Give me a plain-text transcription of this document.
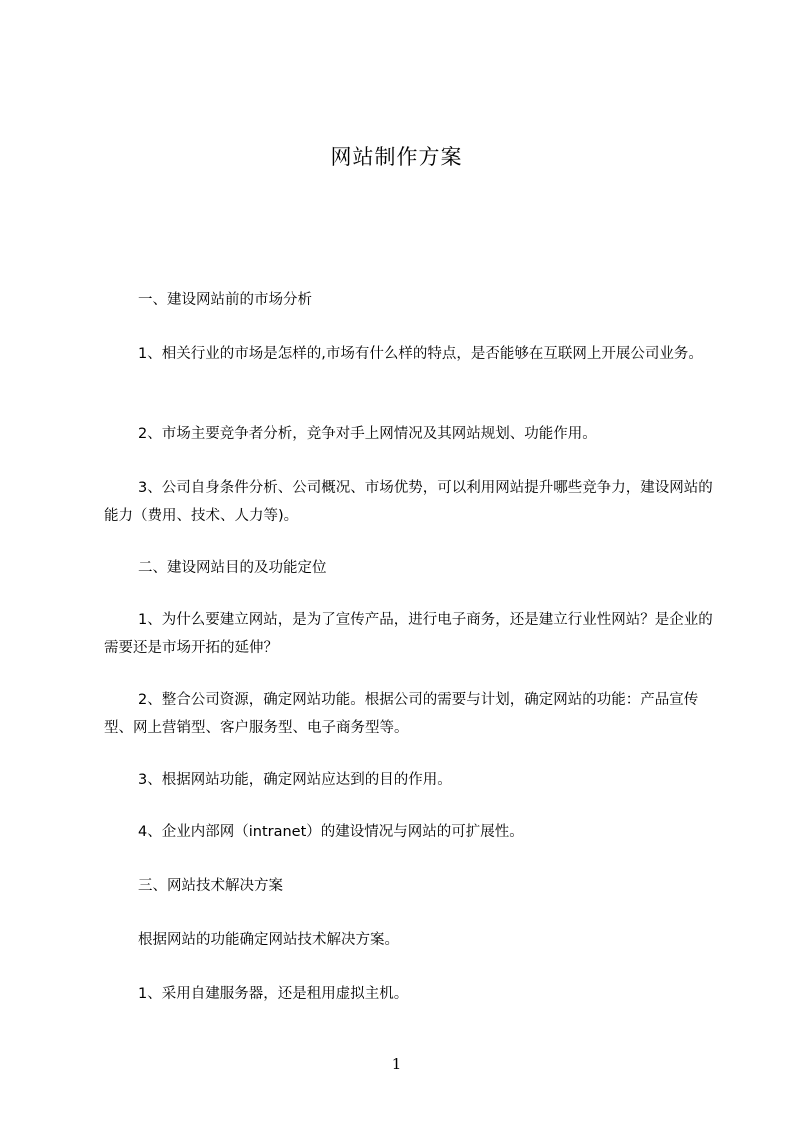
网站制作方案

一、建设网站前的市场分析

1、相关行业的市场是怎样的,市场有什么样的特点，是否能够在互联网上开展公司业务。

2、市场主要竞争者分析，竞争对手上网情况及其网站规划、功能作用。

3、公司自身条件分析、公司概况、市场优势，可以利用网站提升哪些竞争力，建设网站的能力（费用、技术、人力等)。

二、建设网站目的及功能定位

1、为什么要建立网站，是为了宣传产品，进行电子商务，还是建立行业性网站？是企业的需要还是市场开拓的延伸？

2、整合公司资源，确定网站功能。根据公司的需要与计划，确定网站的功能：产品宣传型、网上营销型、客户服务型、电子商务型等。

3、根据网站功能，确定网站应达到的目的作用。

4、企业内部网（intranet）的建设情况与网站的可扩展性。

三、网站技术解决方案

根据网站的功能确定网站技术解决方案。

1、采用自建服务器，还是租用虚拟主机。

1
